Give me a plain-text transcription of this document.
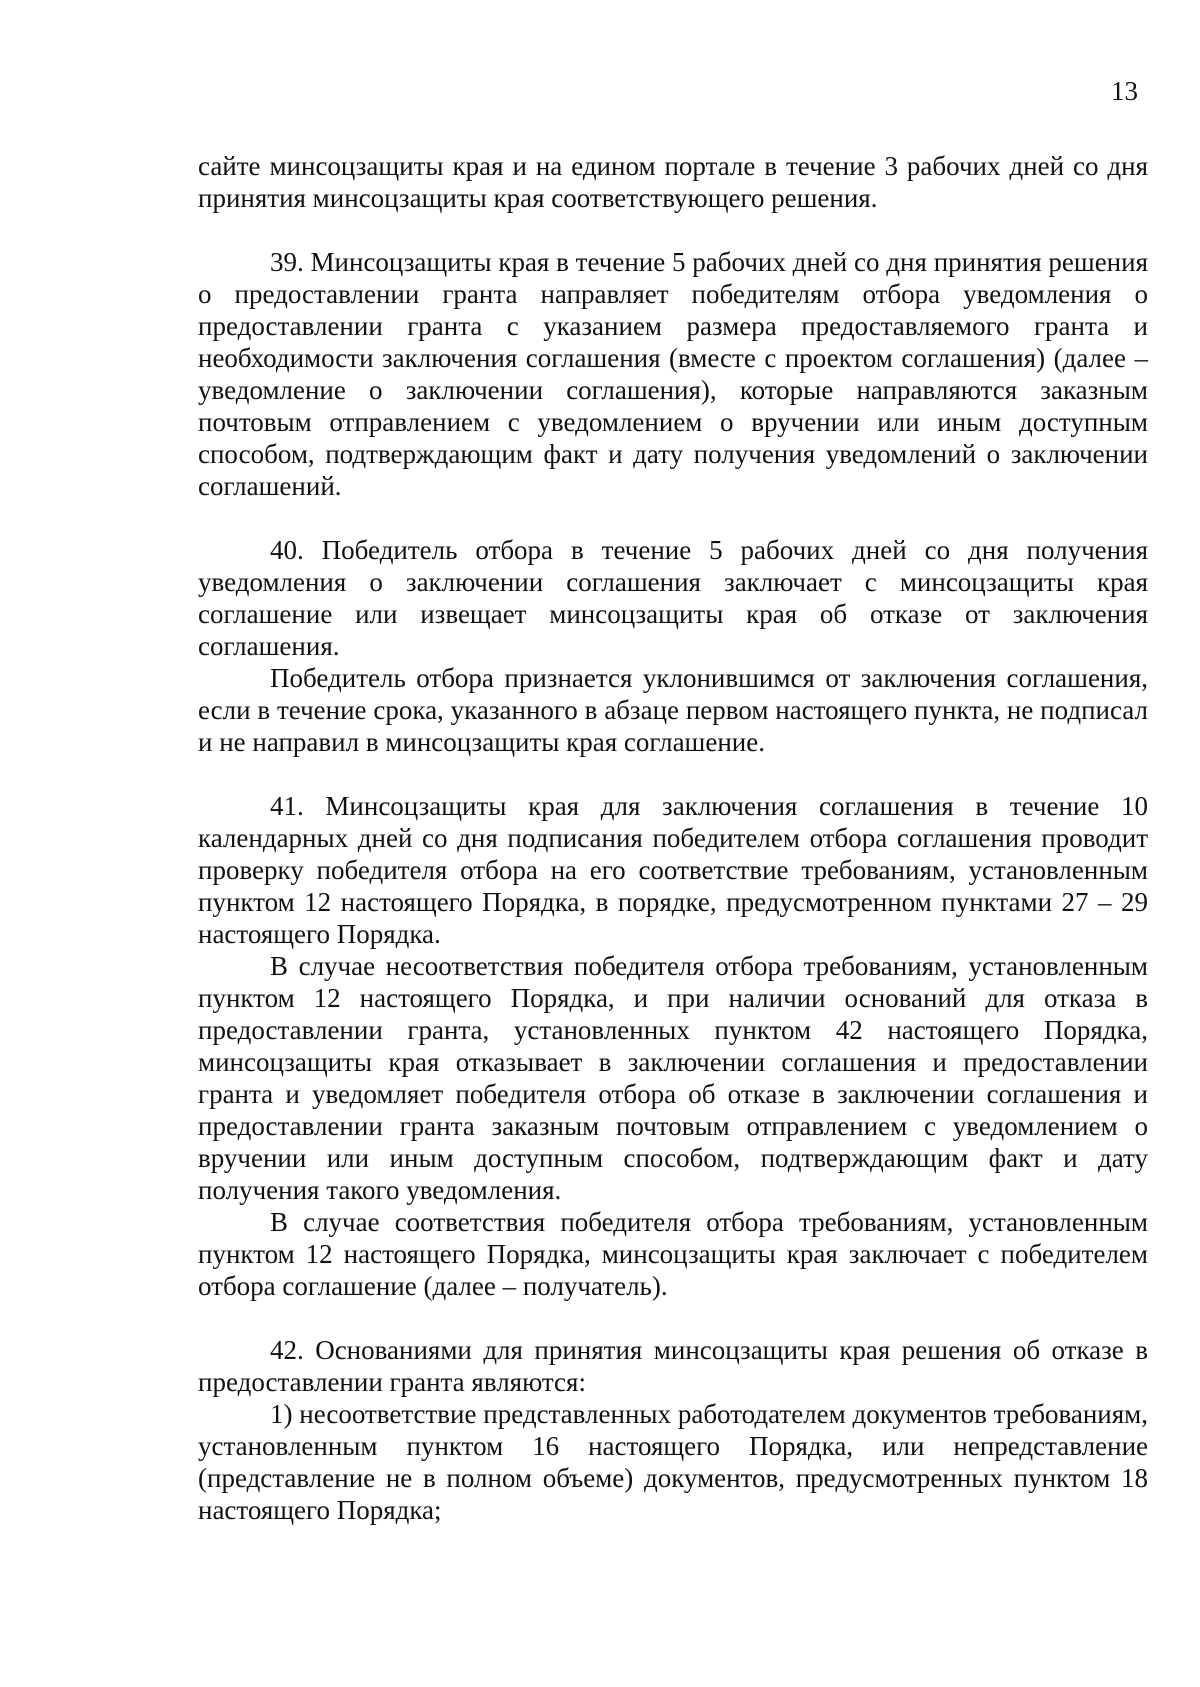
13

сайте минсоцзащиты края и на едином портале в течение 3 рабочих дней со дня принятия минсоцзащиты края соответствующего решения.

39. Минсоцзащиты края в течение 5 рабочих дней со дня принятия решения о предоставлении гранта направляет победителям отбора уведомления о предоставлении гранта с указанием размера предоставляемого гранта и необходимости заключения соглашения (вместе с проектом соглашения) (далее – уведомление о заключении соглашения), которые направляются заказным почтовым отправлением с уведомлением о вручении или иным доступным способом, подтверждающим факт и дату получения уведомлений о заключении соглашений.

40. Победитель отбора в течение 5 рабочих дней со дня получения уведомления о заключении соглашения заключает с минсоцзащиты края соглашение или извещает минсоцзащиты края об отказе от заключения соглашения.

Победитель отбора признается уклонившимся от заключения соглашения, если в течение срока, указанного в абзаце первом настоящего пункта, не подписал и не направил в минсоцзащиты края соглашение.

41. Минсоцзащиты края для заключения соглашения в течение 10 календарных дней со дня подписания победителем отбора соглашения проводит проверку победителя отбора на его соответствие требованиям, установленным пунктом 12 настоящего Порядка, в порядке, предусмотренном пунктами 27 – 29 настоящего Порядка.

В случае несоответствия победителя отбора требованиям, установленным пунктом 12 настоящего Порядка, и при наличии оснований для отказа в предоставлении гранта, установленных пунктом 42 настоящего Порядка, минсоцзащиты края отказывает в заключении соглашения и предоставлении гранта и уведомляет победителя отбора об отказе в заключении соглашения и предоставлении гранта заказным почтовым отправлением с уведомлением о вручении или иным доступным способом, подтверждающим факт и дату получения такого уведомления.

В случае соответствия победителя отбора требованиям, установленным пунктом 12 настоящего Порядка, минсоцзащиты края заключает с победителем отбора соглашение (далее – получатель).

42. Основаниями для принятия минсоцзащиты края решения об отказе в предоставлении гранта являются:

1) несоответствие представленных работодателем документов требованиям, установленным пунктом 16 настоящего Порядка, или непредставление (представление не в полном объеме) документов, предусмотренных пунктом 18 настоящего Порядка;
